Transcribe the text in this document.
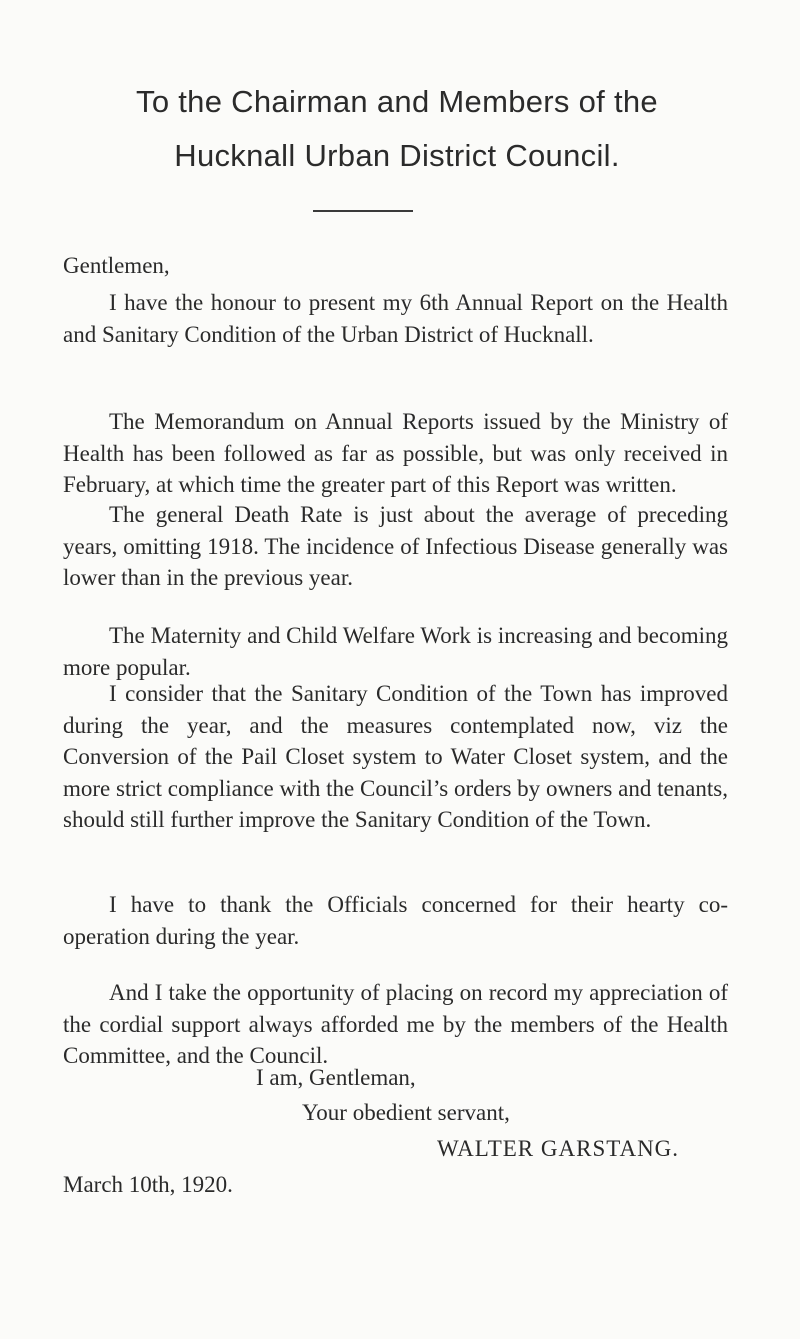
To the Chairman and Members of the
Hucknall Urban District Council.
Gentlemen,

I have the honour to present my 6th Annual Report on the Health and Sanitary Condition of the Urban District of Hucknall.

The Memorandum on Annual Reports issued by the Ministry of Health has been followed as far as possible, but was only received in February, at which time the greater part of this Report was written.

The general Death Rate is just about the average of preceding years, omitting 1918. The incidence of Infectious Disease generally was lower than in the previous year.

The Maternity and Child Welfare Work is increasing and becoming more popular.

I consider that the Sanitary Condition of the Town has improved during the year, and the measures contemplated now, viz the Conversion of the Pail Closet system to Water Closet system, and the more strict compliance with the Council’s orders by owners and tenants, should still further improve the Sanitary Condition of the Town.

I have to thank the Officials concerned for their hearty co-operation during the year.

And I take the opportunity of placing on record my appreciation of the cordial support always afforded me by the members of the Health Committee, and the Council.

I am, Gentleman,
Your obedient servant,
WALTER GARSTANG.
March 10th, 1920.
